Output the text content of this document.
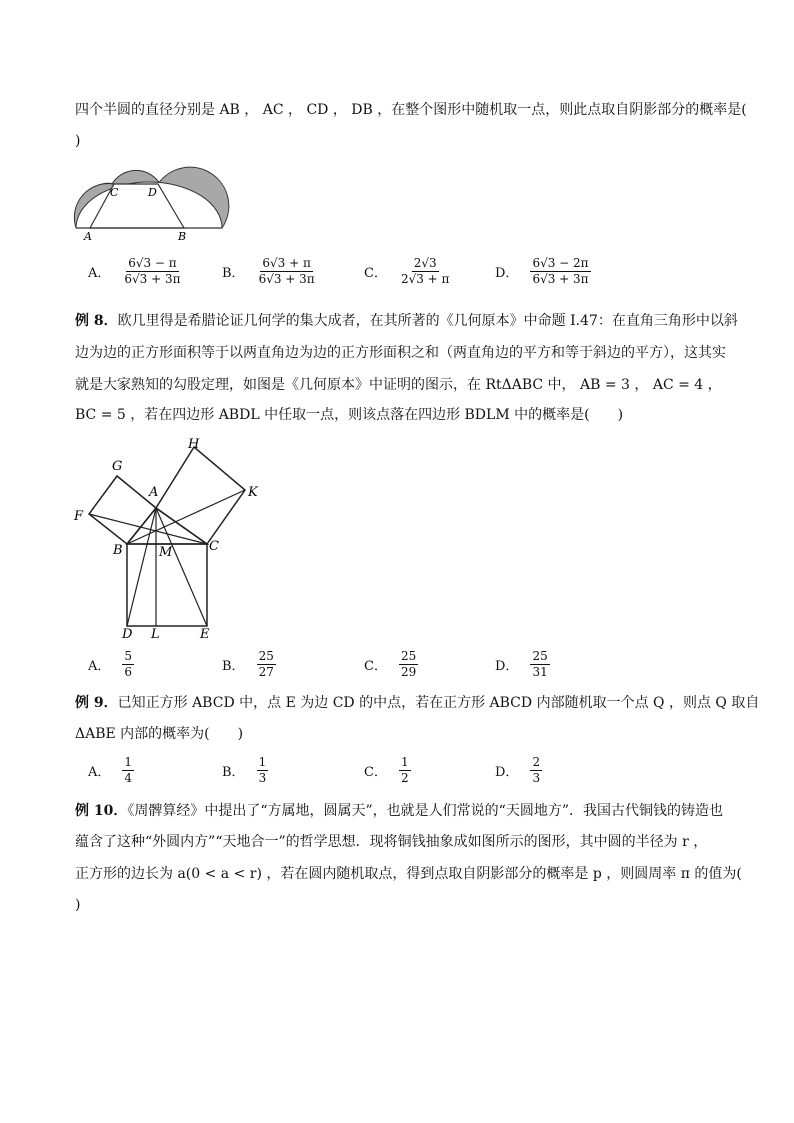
四个半圆的直径分别是 AB ， AC ， CD ， DB ，在整个图形中随机取一点，则此点取自阴影部分的概率是(
)
A	B
C	D
A． $\frac{6√3 - \pi}{6√3 + 3\pi}$	B． $\frac{6√3 + \pi}{6√3 + 3\pi}$	C． $\frac{2√3}{2√3 + \pi}$	D． $\frac{6√3 - 2\pi}{6√3 + 3\pi}$
例 8．欧几里得是希腊论证几何学的集大成者，在其所著的《几何原本》中命题 I.47：在直角三角形中以斜
边为边的正方形面积等于以两直角边为边的正方形面积之和（两直角边的平方和等于斜边的平方），这其实
就是大家熟知的勾股定理，如图是《几何原本》中证明的图示，在 RtΔABC 中， AB = 3 ， AC = 4 ，
BC = 5 ，若在四边形 ABDL 中任取一点，则该点落在四边形 BDLM 中的概率是(　　)
H
G
A	K
F
B	M	C
D L	E
A． $\frac{5}{6}$	B． $\frac{25}{27}$	C． $\frac{25}{29}$	D． $\frac{25}{31}$
例 9．已知正方形 ABCD 中，点 E 为边 CD 的中点，若在正方形 ABCD 内部随机取一个点 Q ，则点 Q 取自
ΔABE 内部的概率为(　　)
A． $\frac{1}{4}$	B． $\frac{1}{3}$	C． $\frac{1}{2}$	D． $\frac{2}{3}$
例 10．《周髀算经》中提出了“方属地，圆属天”，也就是人们常说的“天圆地方”．我国古代铜钱的铸造也
蕴含了这种“外圆内方”“天地合一”的哲学思想．现将铜钱抽象成如图所示的图形，其中圆的半径为 r ，
正方形的边长为 a(0 < a < r) ，若在圆内随机取点，得到点取自阴影部分的概率是 p ，则圆周率 π 的值为(
)
